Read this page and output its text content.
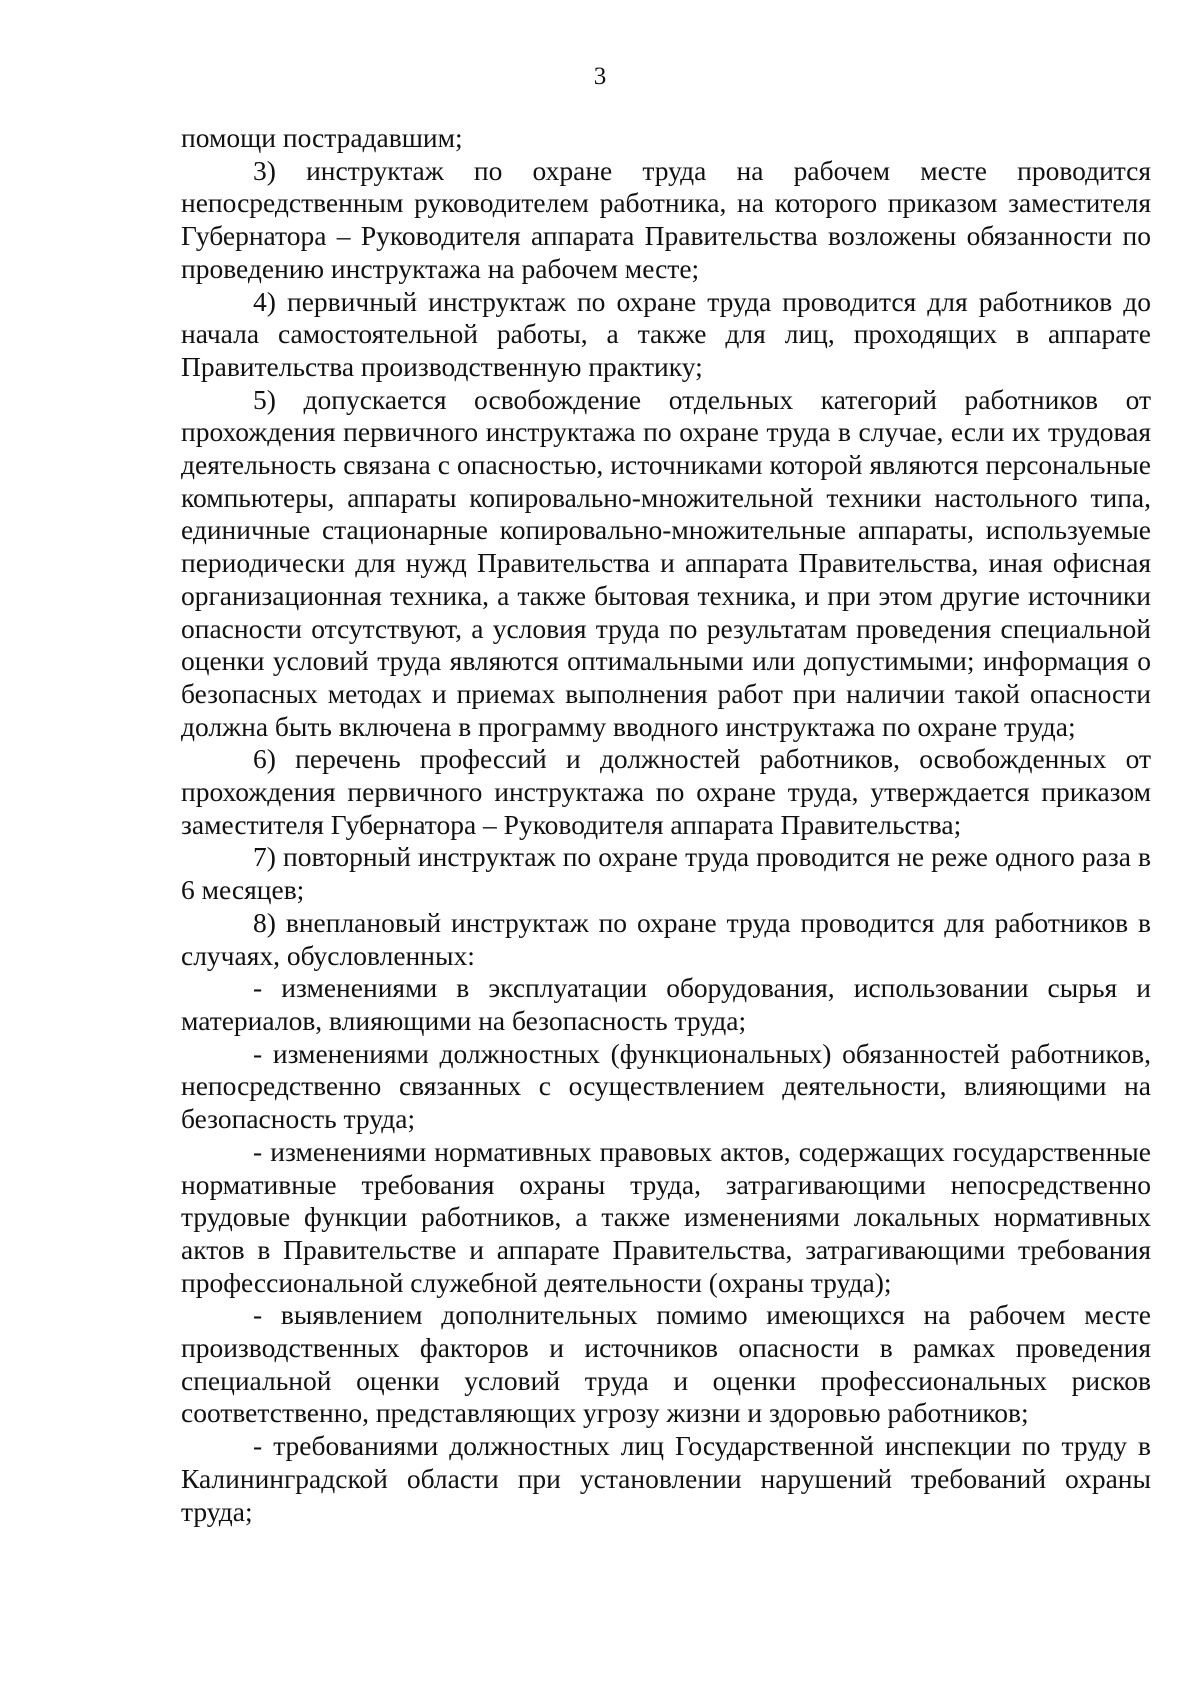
3

помощи пострадавшим;

3) инструктаж по охране труда на рабочем месте проводится непосредственным руководителем работника, на которого приказом заместителя Губернатора – Руководителя аппарата Правительства возложены обязанности по проведению инструктажа на рабочем месте;

4) первичный инструктаж по охране труда проводится для работников до начала самостоятельной работы, а также для лиц, проходящих в аппарате Правительства производственную практику;

5) допускается освобождение отдельных категорий работников от прохождения первичного инструктажа по охране труда в случае, если их трудовая деятельность связана с опасностью, источниками которой являются персональные компьютеры, аппараты копировально-множительной техники настольного типа, единичные стационарные копировально-множительные аппараты, используемые периодически для нужд Правительства и аппарата Правительства, иная офисная организационная техника, а также бытовая техника, и при этом другие источники опасности отсутствуют, а условия труда по результатам проведения специальной оценки условий труда являются оптимальными или допустимыми; информация о безопасных методах и приемах выполнения работ при наличии такой опасности должна быть включена в программу вводного инструктажа по охране труда;

6) перечень профессий и должностей работников, освобожденных от прохождения первичного инструктажа по охране труда, утверждается приказом заместителя Губернатора – Руководителя аппарата Правительства;

7) повторный инструктаж по охране труда проводится не реже одного раза в 6 месяцев;

8) внеплановый инструктаж по охране труда проводится для работников в случаях, обусловленных:

- изменениями в эксплуатации оборудования, использовании сырья и материалов, влияющими на безопасность труда;

- изменениями должностных (функциональных) обязанностей работников, непосредственно связанных с осуществлением деятельности, влияющими на безопасность труда;

- изменениями нормативных правовых актов, содержащих государственные нормативные требования охраны труда, затрагивающими непосредственно трудовые функции работников, а также изменениями локальных нормативных актов в Правительстве и аппарате Правительства, затрагивающими требования профессиональной служебной деятельности (охраны труда);

- выявлением дополнительных помимо имеющихся на рабочем месте производственных факторов и источников опасности в рамках проведения специальной оценки условий труда и оценки профессиональных рисков соответственно, представляющих угрозу жизни и здоровью работников;

- требованиями должностных лиц Государственной инспекции по труду в Калининградской области при установлении нарушений требований охраны труда;
